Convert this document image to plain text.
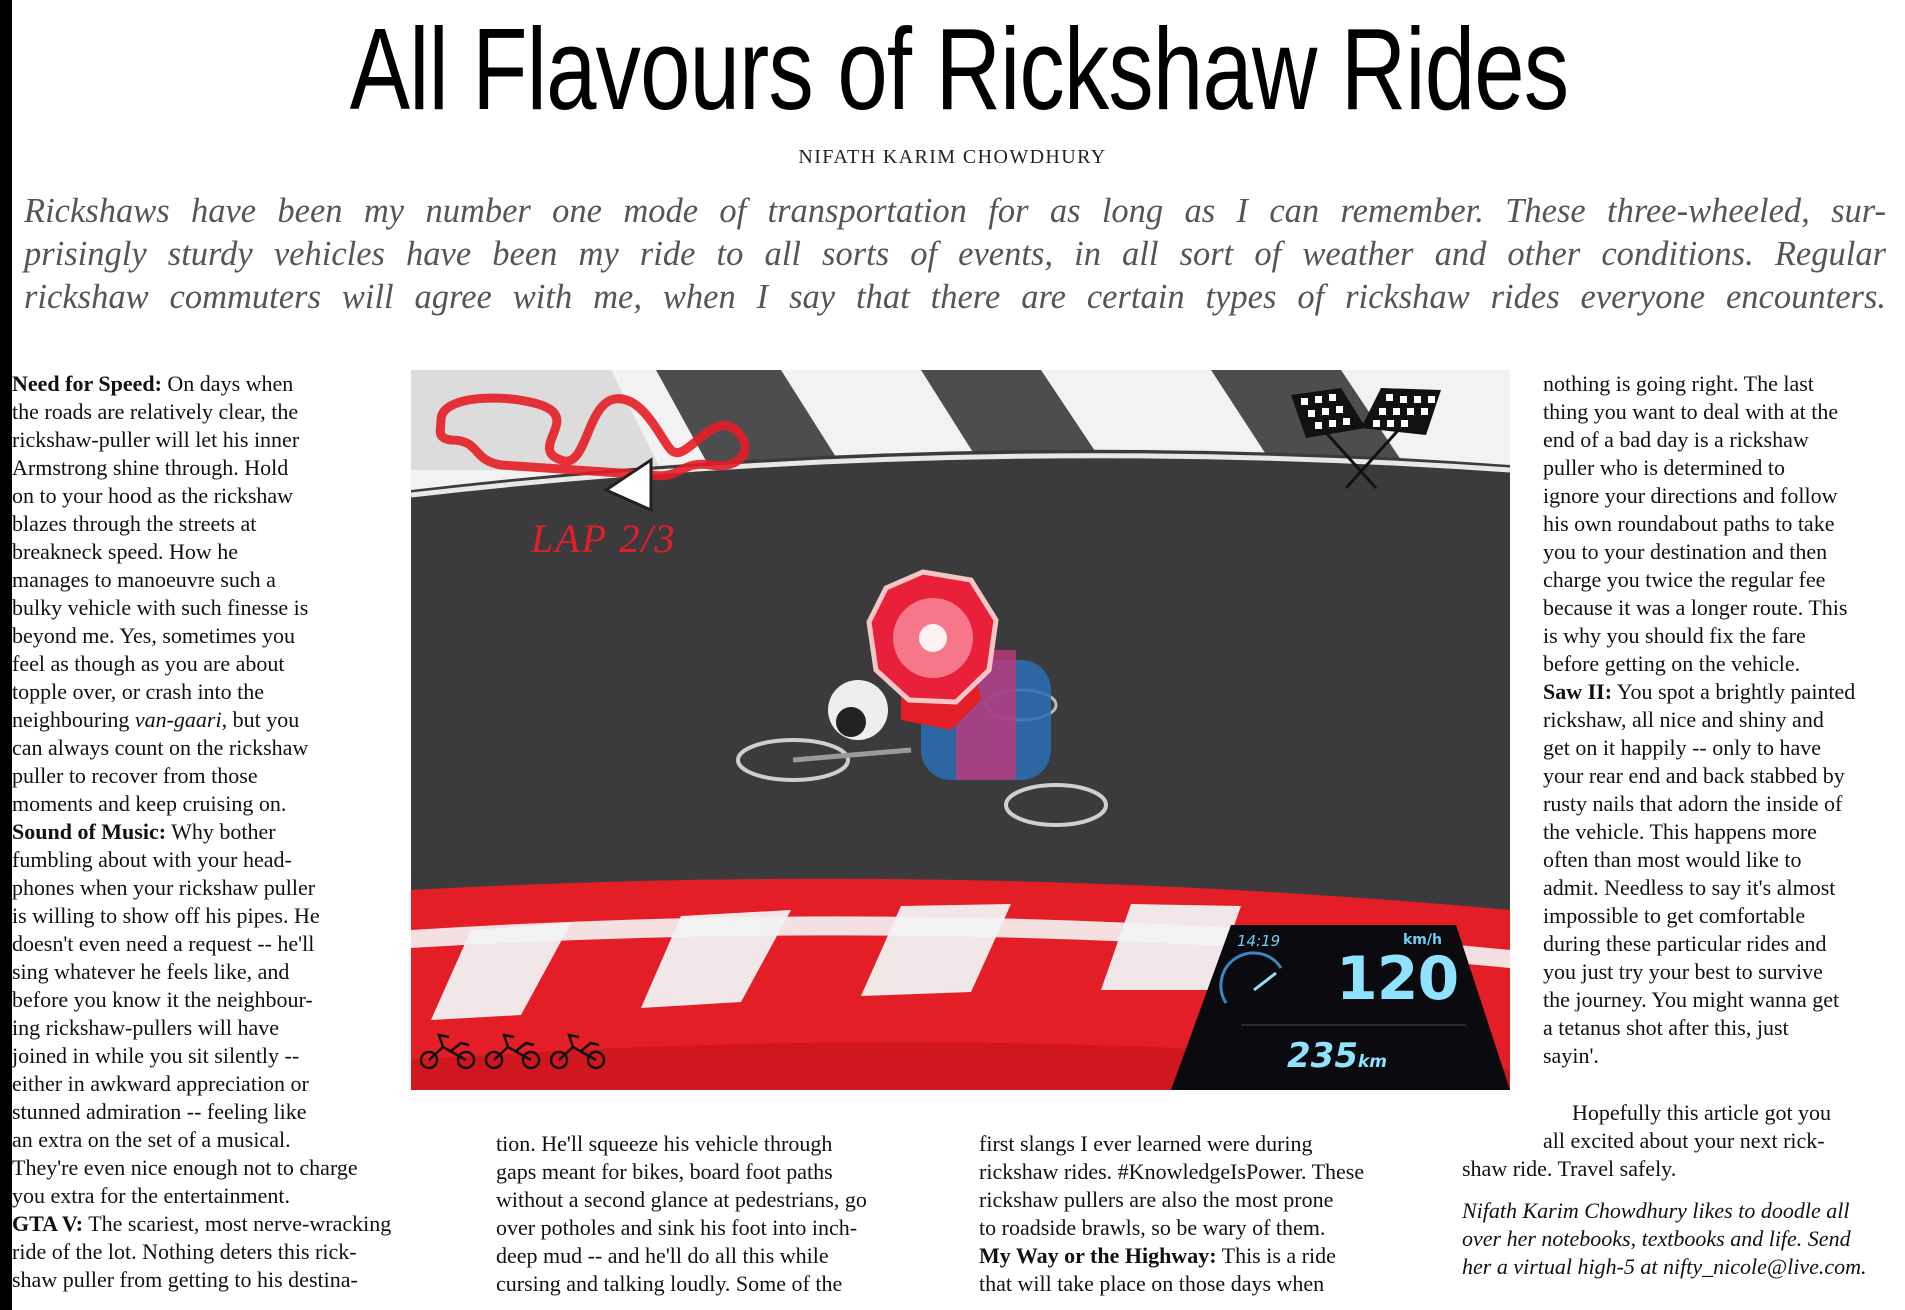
All Flavours of Rickshaw Rides
NIFATH KARIM CHOWDHURY
Rickshaws have been my number one mode of transportation for as long as I can remember. These three-wheeled, sur-
prisingly sturdy vehicles have been my ride to all sorts of events, in all sort of weather and other conditions. Regular
rickshaw commuters will agree with me, when I say that there are certain types of rickshaw rides everyone encounters.
Need for Speed: On days when
the roads are relatively clear, the
rickshaw-puller will let his inner
Armstrong shine through. Hold
on to your hood as the rickshaw
blazes through the streets at
breakneck speed. How he
manages to manoeuvre such a
bulky vehicle with such finesse is
beyond me. Yes, sometimes you
feel as though as you are about
topple over, or crash into the
neighbouring van-gaari, but you
can always count on the rickshaw
puller to recover from those
moments and keep cruising on.
Sound of Music: Why bother
fumbling about with your head-
phones when your rickshaw puller
is willing to show off his pipes. He
doesn't even need a request -- he'll
sing whatever he feels like, and
before you know it the neighbour-
ing rickshaw-pullers will have
joined in while you sit silently --
either in awkward appreciation or
stunned admiration -- feeling like
an extra on the set of a musical.
They're even nice enough not to charge
you extra for the entertainment.
GTA V: The scariest, most nerve-wracking
ride of the lot. Nothing deters this rick-
shaw puller from getting to his destina-
LAP 2/3
14:19	km/h
120
235km
tion. He'll squeeze his vehicle through
gaps meant for bikes, board foot paths
without a second glance at pedestrians, go
over potholes and sink his foot into inch-
deep mud -- and he'll do all this while
cursing and talking loudly. Some of the
first slangs I ever learned were during
rickshaw rides. #KnowledgeIsPower. These
rickshaw pullers are also the most prone
to roadside brawls, so be wary of them.
My Way or the Highway: This is a ride
that will take place on those days when
nothing is going right. The last
thing you want to deal with at the
end of a bad day is a rickshaw
puller who is determined to
ignore your directions and follow
his own roundabout paths to take
you to your destination and then
charge you twice the regular fee
because it was a longer route. This
is why you should fix the fare
before getting on the vehicle.
Saw II: You spot a brightly painted
rickshaw, all nice and shiny and
get on it happily -- only to have
your rear end and back stabbed by
rusty nails that adorn the inside of
the vehicle. This happens more
often than most would like to
admit. Needless to say it's almost
impossible to get comfortable
during these particular rides and
you just try your best to survive
the journey. You might wanna get
a tetanus shot after this, just
sayin'.
Hopefully this article got you
all excited about your next rick-
shaw ride. Travel safely.
Nifath Karim Chowdhury likes to doodle all
over her notebooks, textbooks and life. Send
her a virtual high-5 at nifty_nicole@live.com.
